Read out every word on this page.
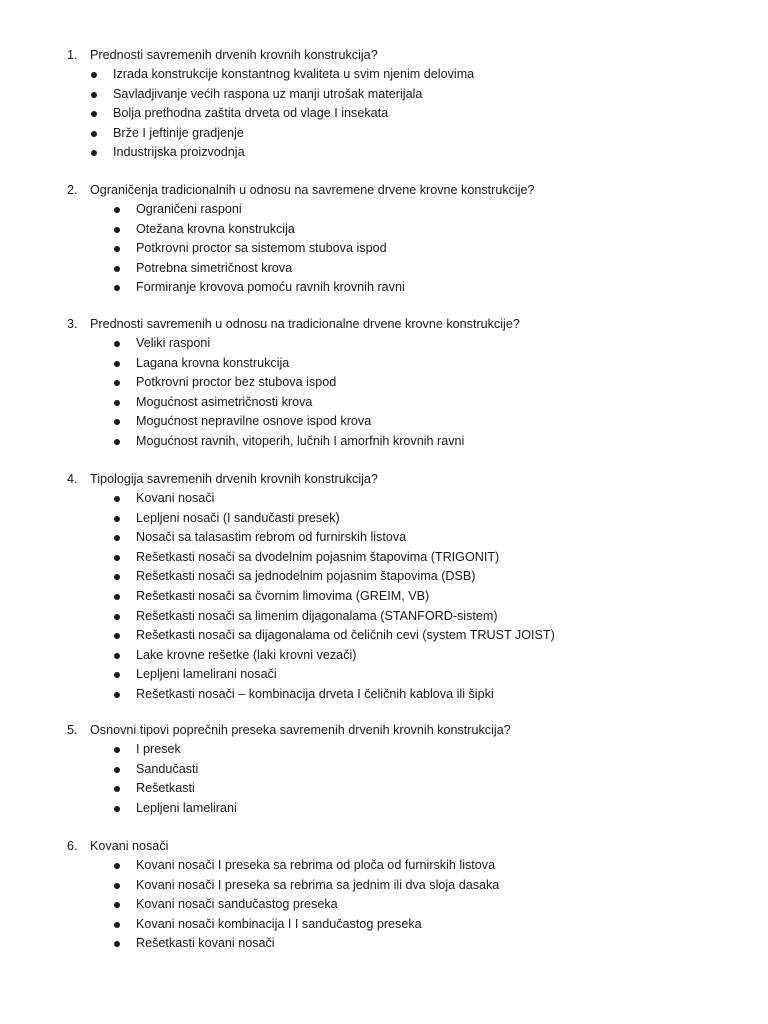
1. Prednosti savremenih drvenih krovnih konstrukcija?
Izrada konstrukcije konstantnog kvaliteta u svim njenim delovima
Savladjivanje većih raspona uz manji utrošak materijala
Bolja prethodna zaštita drveta od vlage I insekata
Brže I jeftinije gradjenje
Industrijska proizvodnja
2. Ograničenja tradicionalnih u odnosu na savremene drvene krovne konstrukcije?
Ograničeni rasponi
Otežana krovna konstrukcija
Potkrovni proctor sa sistemom stubova ispod
Potrebna simetričnost krova
Formiranje krovova pomoću ravnih krovnih ravni
3. Prednosti savremenih u odnosu na tradicionalne drvene krovne konstrukcije?
Veliki rasponi
Lagana krovna konstrukcija
Potkrovni proctor bez stubova ispod
Mogućnost asimetričnosti krova
Mogućnost nepravilne osnove ispod krova
Mogućnost ravnih, vitoperih, lučnih I amorfnih krovnih ravni
4. Tipologija savremenih drvenih krovnih konstrukcija?
Kovani nosači
Lepljeni nosači (I sandučasti presek)
Nosači sa talasastim rebrom od furnirskih listova
Rešetkasti nosači sa dvodelnim pojasnim štapovima (TRIGONIT)
Rešetkasti nosači sa jednodelnim pojasnim štapovima (DSB)
Rešetkasti nosači sa čvornim limovima (GREIM, VB)
Rešetkasti nosači sa limenim dijagonalama (STANFORD-sistem)
Rešetkasti nosači sa dijagonalama od čeličnih cevi (system TRUST JOIST)
Lake krovne rešetke (laki krovni vezači)
Lepljeni lamelirani nosači
Rešetkasti nosači – kombinacija drveta I čeličnih kablova ili šipki
5. Osnovni tipovi poprečnih preseka savremenih drvenih krovnih konstrukcija?
I presek
Sandučasti
Rešetkasti
Lepljeni lamelirani
6. Kovani nosači
Kovani nosači I preseka sa rebrima od ploča od furnirskih listova
Kovani nosači I preseka sa rebrima sa jednim ili dva sloja dasaka
Kovani nosači sandučastog preseka
Kovani nosači kombinacija I I sandučastog preseka
Rešetkasti kovani nosači
